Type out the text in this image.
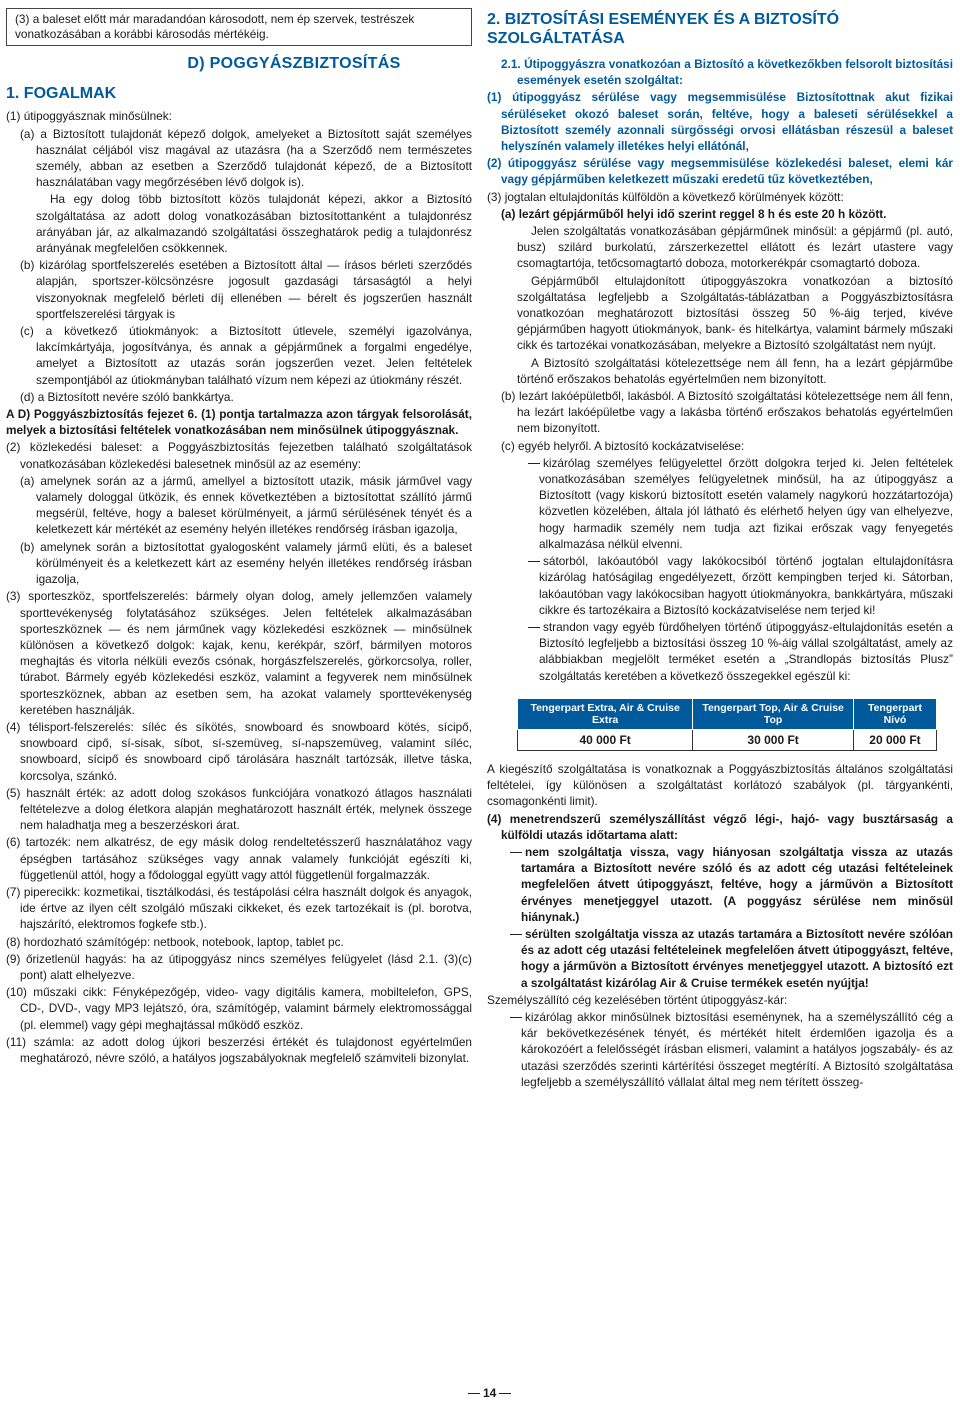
(3) a baleset előtt már maradandóan károsodott, nem ép szervek, testrészek vonatkozásában a korábbi károsodás mértékéig.
D) POGGYÁSZBIZTOSÍTÁS
1. FOGALMAK

(1) útipoggyásznak minősülnek:

(a) a Biztosított tulajdonát képező dolgok, amelyeket a Biztosított saját személyes használat céljából visz magával az utazásra (ha a Szerződő nem természetes személy, abban az esetben a Szerződő tulajdonát képező, de a Biztosított használatában vagy megőrzésében lévő dolgok is).

Ha egy dolog több biztosított közös tulajdonát képezi, akkor a Biztosító szolgáltatása az adott dolog vonatkozásában biztosítottanként a tulajdonrész arányában jár, az alkalmazandó szolgáltatási összeghatárok pedig a tulajdonrész arányának megfelelően csökkennek.

(b) kizárólag sportfelszerelés esetében a Biztosított által — írásos bérleti szerződés alapján, sportszer-kölcsönzésre jogosult gazdasági társaságtól a helyi viszonyoknak megfelelő bérleti díj ellenében — bérelt és jogszerűen használt sportfelszerelési tárgyak is

(c) a következő útiokmányok: a Biztosított útlevele, személyi igazolványa, lakcímkártyája, jogosítványa, és annak a gépjárműnek a forgalmi engedélye, amelyet a Biztosított az utazás során jogszerűen vezet. Jelen feltételek szempontjából az útiokmányban található vízum nem képezi az útiokmány részét.

(d) a Biztosított nevére szóló bankkártya.

A D) Poggyászbiztosítás fejezet 6. (1) pontja tartalmazza azon tárgyak felsorolását, melyek a biztosítási feltételek vonatkozásában nem minősülnek útipoggyásznak.

(2) közlekedési baleset: a Poggyászbiztosítás fejezetben található szolgáltatások vonatkozásában közlekedési balesetnek minősül az az esemény:

(a) amelynek során az a jármű, amellyel a biztosított utazik, másik járművel vagy valamely dologgal ütközik, és ennek következtében a biztosítottat szállító jármű megsérül, feltéve, hogy a baleset körülményeit, a jármű sérülésének tényét és a keletkezett kár mértékét az esemény helyén illetékes rendőrség írásban igazolja,

(b) amelynek során a biztosítottat gyalogosként valamely jármű elüti, és a baleset körülményeit és a keletkezett kárt az esemény helyén illetékes rendőrség írásban igazolja,

(3) sporteszköz, sportfelszerelés: bármely olyan dolog, amely jellemzően valamely sporttevékenység folytatásához szükséges. Jelen feltételek alkalmazásában sporteszköznek — és nem járműnek vagy közlekedési eszköznek — minősülnek különösen a következő dolgok: kajak, kenu, kerékpár, szörf, bármilyen motoros meghajtás és vitorla nélküli evezős csónak, horgászfelszerelés, görkorcsolya, roller, túrabot. Bármely egyéb közlekedési eszköz, valamint a fegyverek nem minősülnek sporteszköznek, abban az esetben sem, ha azokat valamely sporttevékenység keretében használják.

(4) télisport-felszerelés: síléc és síkötés, snowboard és snowboard kötés, sícipő, snowboard cipő, sí-sisak, síbot, sí-szemüveg, sí-napszemüveg, valamint síléc, snowboard, sícipő és snowboard cipő tárolására használt tartózsák, illetve táska, korcsolya, szánkó.

(5) használt érték: az adott dolog szokásos funkciójára vonatkozó átlagos használati feltételezve a dolog életkora alapján meghatározott használt érték, melynek összege nem haladhatja meg a beszerzéskori árat.

(6) tartozék: nem alkatrész, de egy másik dolog rendeltetésszerű használatához vagy épségben tartásához szükséges vagy annak valamely funkcióját egészíti ki, függetlenül attól, hogy a fődologgal együtt vagy attól függetlenül forgalmazzák.

(7) piperecikk: kozmetikai, tisztálkodási, és testápolási célra használt dolgok és anyagok, ide értve az ilyen célt szolgáló műszaki cikkeket, és ezek tartozékait is (pl. borotva, hajszárító, elektromos fogkefe stb.).

(8) hordozható számítógép: netbook, notebook, laptop, tablet pc.

(9) őrizetlenül hagyás: ha az útipoggyász nincs személyes felügyelet (lásd 2.1. (3)(c) pont) alatt elhelyezve.

(10) műszaki cikk: Fényképezőgép, video- vagy digitális kamera, mobiltelefon, GPS, CD-, DVD-, vagy MP3 lejátszó, óra, számítógép, valamint bármely elektromossággal (pl. elemmel) vagy gépi meghajtással működő eszköz.

(11) számla: az adott dolog újkori beszerzési értékét és tulajdonost egyértelműen meghatározó, névre szóló, a hatályos jogszabályoknak megfelelő számviteli bizonylat.

2. BIZTOSÍTÁSI ESEMÉNYEK ÉS A BIZTOSÍTÓ SZOLGÁLTATÁSA

2.1. Útipoggyászra vonatkozóan a Biztosító a következőkben felsorolt biztosítási események esetén szolgáltat:

(1) útipoggyász sérülése vagy megsemmisülése Biztosítottnak akut fizikai sérüléseket okozó baleset során, feltéve, hogy a baleseti sérülésekkel a Biztosított személy azonnali sürgősségi orvosi ellátásban részesül a baleset helyszínén valamely illetékes helyi ellátónál,

(2) útipoggyász sérülése vagy megsemmisülése közlekedési baleset, elemi kár vagy gépjárműben keletkezett műszaki eredetű tűz következtében,

(3) jogtalan eltulajdonítás külföldön a következő körülmények között:

(a) lezárt gépjárműből helyi idő szerint reggel 8 h és este 20 h között.

Jelen szolgáltatás vonatkozásában gépjárműnek minősül: a gépjármű (pl. autó, busz) szilárd burkolatú, zárszerkezettel ellátott és lezárt utastere vagy csomagtartója, tetőcsomagtartó doboza, motorkerékpár csomagtartó doboza.

Gépjárműből eltulajdonított útipoggyászokra vonatkozóan a biztosító szolgáltatása legfeljebb a Szolgáltatás-táblázatban a Poggyászbiztosításra vonatkozóan meghatározott biztosítási összeg 50 %-áig terjed, kivéve gépjárműben hagyott útiokmányok, bank- és hitelkártya, valamint bármely műszaki cikk és tartozékai vonatkozásában, melyekre a Biztosító szolgáltatást nem nyújt.

A Biztosító szolgáltatási kötelezettsége nem áll fenn, ha a lezárt gépjárműbe történő erőszakos behatolás egyértelműen nem bizonyított.

(b) lezárt lakóépületből, lakásból. A Biztosító szolgáltatási kötelezettsége nem áll fenn, ha lezárt lakóépületbe vagy a lakásba történő erőszakos behatolás egyértelműen nem bizonyított.

(c) egyéb helyről. A biztosító kockázatviselése:

kizárólag személyes felügyelettel őrzött dolgokra terjed ki. Jelen feltételek vonatkozásában személyes felügyeletnek minősül, ha az útipoggyász a Biztosított (vagy kiskorú biztosított esetén valamely nagykorú hozzátartozója) közvetlen közelében, általa jól látható és elérhető helyen úgy van elhelyezve, hogy harmadik személy nem tudja azt fizikai erőszak vagy fenyegetés alkalmazása nélkül elvenni.

sátorból, lakóautóból vagy lakókocsiból történő jogtalan eltulajdonításra kizárólag hatóságilag engedélyezett, őrzött kempingben terjed ki. Sátorban, lakóautóban vagy lakókocsiban hagyott útiokmányokra, bankkártyára, műszaki cikkre és tartozékaira a Biztosító kockázatviselése nem terjed ki!

strandon vagy egyéb fürdőhelyen történő útipoggyász-eltulajdonítás esetén a Biztosító legfeljebb a biztosítási összeg 10 %-áig vállal szolgáltatást, amely az alábbiakban megjelölt terméket esetén a „Strandlopás biztosítás Plusz” szolgáltatás keretében a következő összegekkel egészül ki:

Tengerpart Extra, Air & Cruise Extra	Tengerpart Top, Air & Cruise Top	Tengerpart Nívó
40 000 Ft	30 000 Ft	20 000 Ft

A kiegészítő szolgáltatása is vonatkoznak a Poggyászbiztosítás általános szolgáltatási feltételei, így különösen a szolgáltatást korlátozó szabályok (pl. tárgyankénti, csomagonkénti limit).

(4) menetrendszerű személyszállítást végző légi-, hajó- vagy busztársaság a külföldi utazás időtartama alatt:

nem szolgáltatja vissza, vagy hiányosan szolgáltatja vissza az utazás tartamára a Biztosított nevére szóló és az adott cég utazási feltételeinek megfelelően átvett útipoggyászt, feltéve, hogy a járművön a Biztosított érvényes menetjeggyel utazott. (A poggyász sérülése nem minősül hiánynak.)

sérülten szolgáltatja vissza az utazás tartamára a Biztosított nevére szólóan és az adott cég utazási feltételeinek megfelelően átvett útipoggyászt, feltéve, hogy a járművön a Biztosított érvényes menetjeggyel utazott. A biztosító ezt a szolgáltatást kizárólag Air & Cruise termékek esetén nyújtja!

Személyszállító cég kezelésében történt útipoggyász-kár:

kizárólag akkor minősülnek biztosítási eseménynek, ha a személyszállító cég a kár bekövetkezésének tényét, és mértékét hitelt érdemlően igazolja és a károkozóért a felelősségét írásban elismeri, valamint a hatályos jogszabály- és az utazási szerződés szerinti kártérítési összeget megtérítí. A Biztosító szolgáltatása legfeljebb a személyszállító vállalat által meg nem térített összeg-

14
